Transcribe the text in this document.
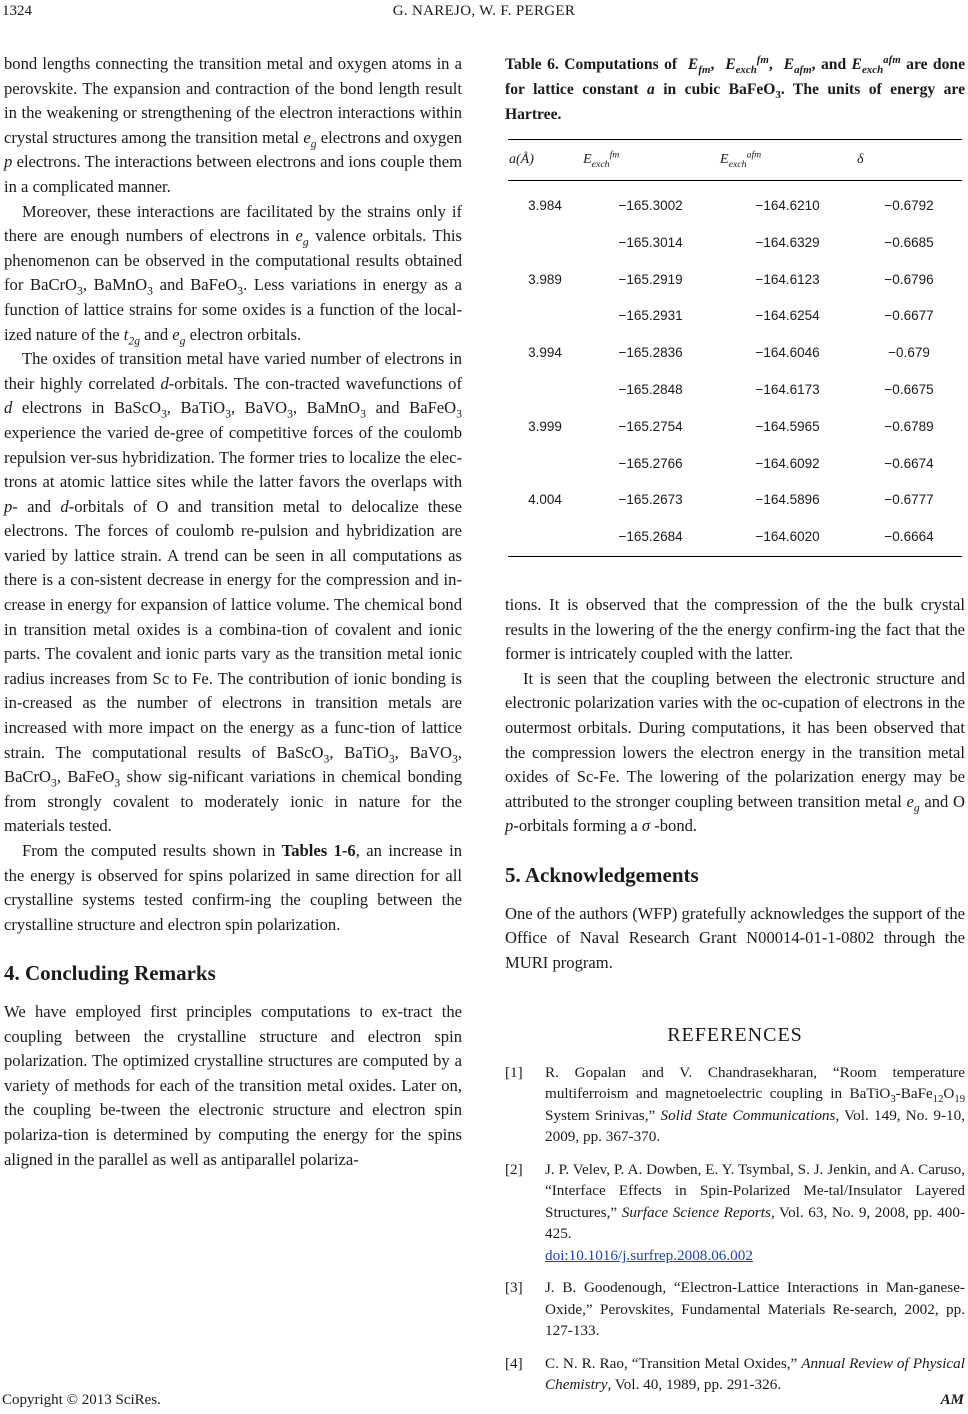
1324	G. NAREJO, W. F. PERGER

bond lengths connecting the transition metal and oxygen atoms in a perovskite. The expansion and contraction of the bond length result in the weakening or strengthening of the electron interactions within crystal structures among the transition metal $e_g$ electrons and oxygen p electrons. The interactions between electrons and ions couple them in a complicated manner.

Moreover, these interactions are facilitated by the strains only if there are enough numbers of electrons in $e_g$ valence orbitals. This phenomenon can be observed in the computational results obtained for BaCrO$_3$, BaMnO$_3$ and BaFeO$_3$. Less variations in energy as a function of lattice strains for some oxides is a function of the local-ized nature of the $t_{2g}$ and $e_g$ electron orbitals.

The oxides of transition metal have varied number of electrons in their highly correlated d-orbitals. The con-tracted wavefunctions of d electrons in BaScO$_3$, BaTiO$_3$, BaVO$_3$, BaMnO$_3$ and BaFeO$_3$ experience the varied de-gree of competitive forces of the coulomb repulsion ver-sus hybridization. The former tries to localize the elec-trons at atomic lattice sites while the latter favors the overlaps with p- and d-orbitals of O and transition metal to delocalize these electrons. The forces of coulomb re-pulsion and hybridization are varied by lattice strain. A trend can be seen in all computations as there is a con-sistent decrease in energy for the compression and in-crease in energy for expansion of lattice volume. The chemical bond in transition metal oxides is a combina-tion of covalent and ionic parts. The covalent and ionic parts vary as the transition metal ionic radius increases from Sc to Fe. The contribution of ionic bonding is in-creased as the number of electrons in transition metals are increased with more impact on the energy as a func-tion of lattice strain. The computational results of BaScO$_3$, BaTiO$_3$, BaVO$_3$, BaCrO$_3$, BaFeO$_3$ show sig-nificant variations in chemical bonding from strongly covalent to moderately ionic in nature for the materials tested.

From the computed results shown in Tables 1-6, an increase in the energy is observed for spins polarized in same direction for all crystalline systems tested confirm-ing the coupling between the crystalline structure and electron spin polarization.

4. Concluding Remarks

We have employed first principles computations to ex-tract the coupling between the crystalline structure and electron spin polarization. The optimized crystalline structures are computed by a variety of methods for each of the transition metal oxides. Later on, the coupling be-tween the electronic structure and electron spin polariza-tion is determined by computing the energy for the spins aligned in the parallel as well as antiparallel polariza-

Table 6. Computations of $E_{fm}$,  $E_{exch}^{fm}$,  $E_{afm}$, and $E_{exch}^{afm}$ are done for lattice constant a in cubic BaFeO$_3$. The units of energy are Hartree.
a(Å)	$E_{exch}^{fm}$	$E_{exch}^{afm}$	δ
3.984	−165.3002	−164.6210	−0.6792
	−165.3014	−164.6329	−0.6685
3.989	−165.2919	−164.6123	−0.6796
	−165.2931	−164.6254	−0.6677
3.994	−165.2836	−164.6046	−0.679
	−165.2848	−164.6173	−0.6675
3.999	−165.2754	−164.5965	−0.6789
	−165.2766	−164.6092	−0.6674
4.004	−165.2673	−164.5896	−0.6777
	−165.2684	−164.6020	−0.6664

tions. It is observed that the compression of the the bulk crystal results in the lowering of the the energy confirm-ing the fact that the former is intricately coupled with the latter.

It is seen that the coupling between the electronic structure and electronic polarization varies with the oc-cupation of electrons in the outermost orbitals. During computations, it has been observed that the compression lowers the electron energy in the transition metal oxides of Sc-Fe. The lowering of the polarization energy may be attributed to the stronger coupling between transition metal $e_g$ and O p-orbitals forming a σ -bond.

5. Acknowledgements

One of the authors (WFP) gratefully acknowledges the support of the Office of Naval Research Grant N00014-01-1-0802 through the MURI program.

REFERENCES

[1]	R. Gopalan and V. Chandrasekharan, “Room temperature multiferroism and magnetoelectric coupling in $BaTiO_3-BaFe_{12}O_{19}$ System Srinivas,” Solid State Communications, Vol. 149, No. 9-10, 2009, pp. 367-370.
[2]	J. P. Velev, P. A. Dowben, E. Y. Tsymbal, S. J. Jenkin, and A. Caruso, “Interface Effects in Spin-Polarized Me-tal/Insulator Layered Structures,” Surface Science Reports, Vol. 63, No. 9, 2008, pp. 400-425.
doi:10.1016/j.surfrep.2008.06.002
[3]	J. B. Goodenough, “Electron-Lattice Interactions in Man-ganese-Oxide,” Perovskites, Fundamental Materials Re-search, 2002, pp. 127-133.
[4]	C. N. R. Rao, “Transition Metal Oxides,” Annual Review of Physical Chemistry, Vol. 40, 1989, pp. 291-326.
Copyright © 2013 SciRes.	AM
